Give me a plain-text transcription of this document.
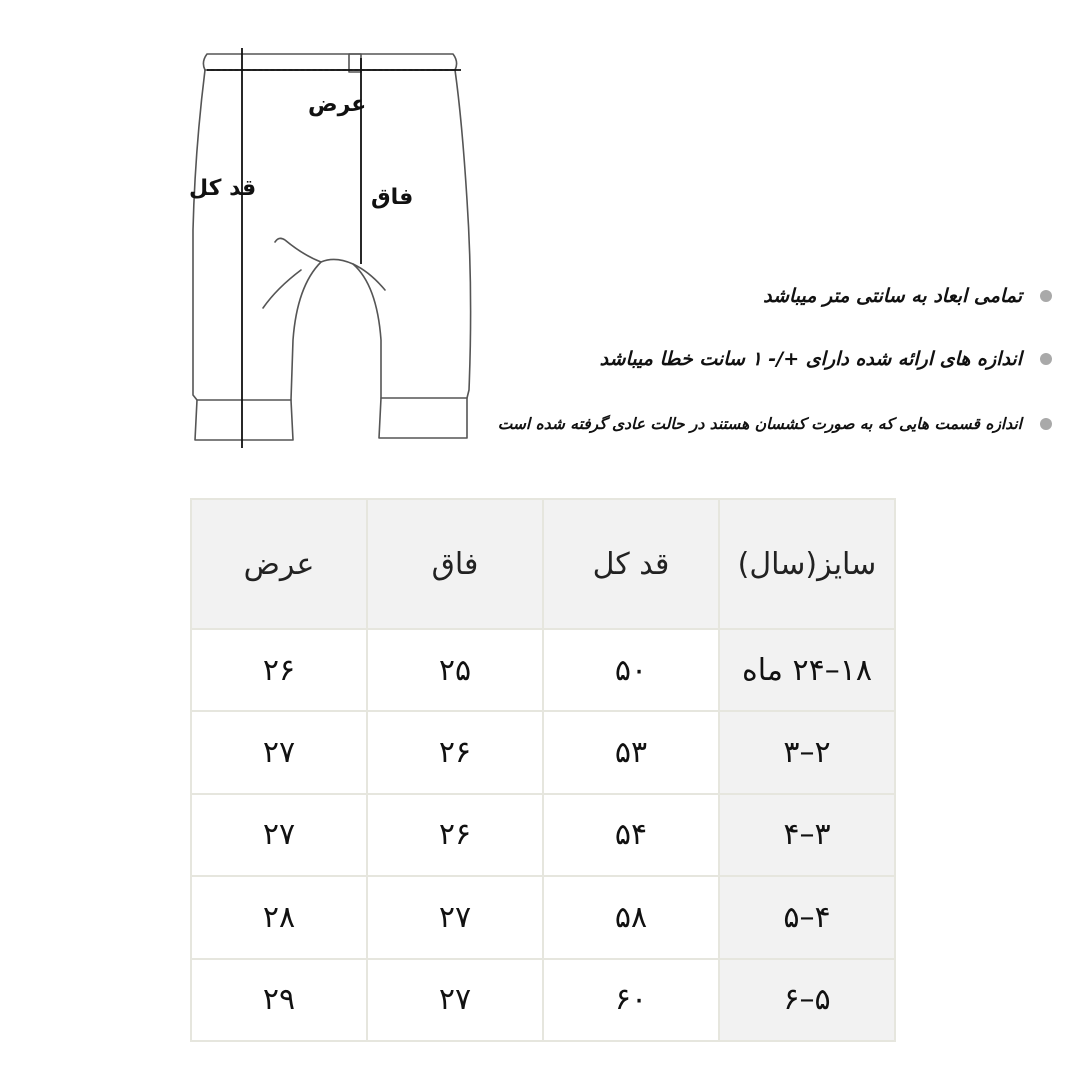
عرض
قد کل	فاق
تمامی ابعاد به سانتی متر میباشد
اندازه های ارائه شده دارای +/- ۱ سانت خطا میباشد
اندازه قسمت هایی که به صورت کشسان هستند در حالت عادی گرفته شده است
سایز(سال)	قد کل	فاق	عرض
۱۸–۲۴ ماه	۵۰	۲۵	۲۶
۲–۳	۵۳	۲۶	۲۷
۳–۴	۵۴	۲۶	۲۷
۴–۵	۵۸	۲۷	۲۸
۵–۶	۶۰	۲۷	۲۹
